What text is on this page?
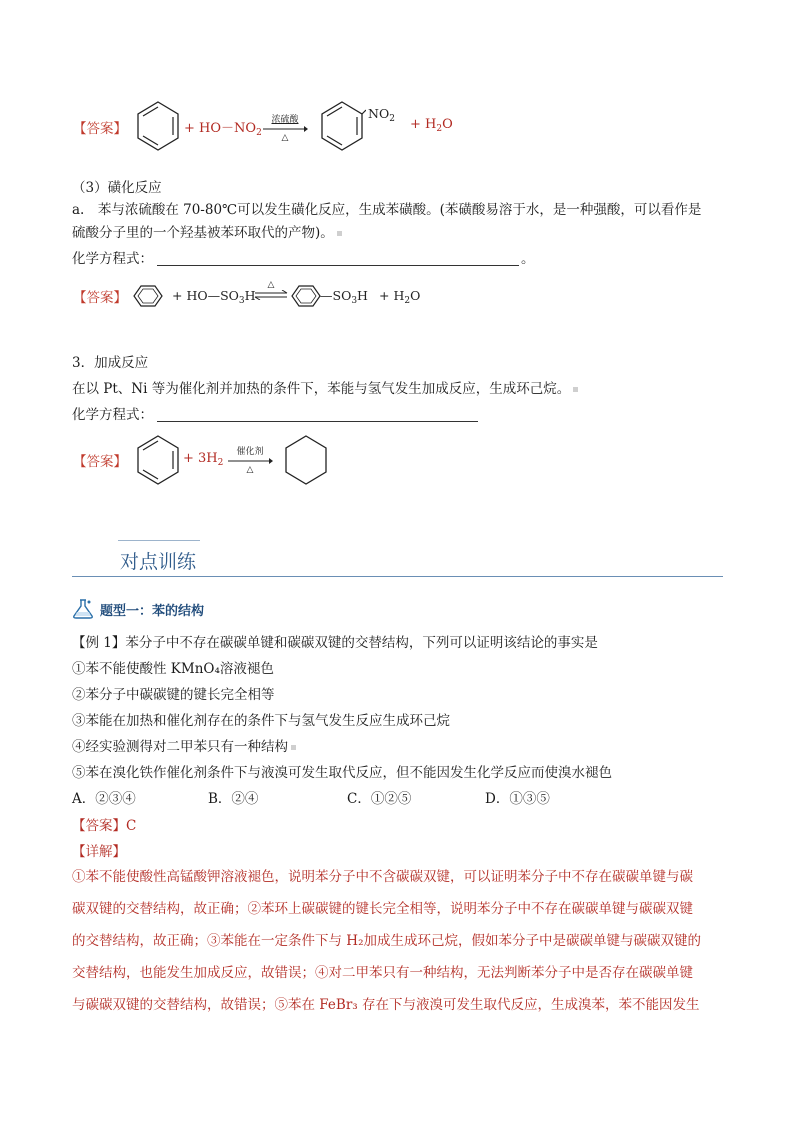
【答案】	+ $HO-NO_2$
浓硫酸
△
$NO_2 + H_2O$
（3）磺化反应
a.　苯与浓硫酸在 70-80℃可以发生磺化反应，生成苯磺酸。(苯磺酸易溶于水，是一种强酸，可以看作是
硫酸分子里的一个羟基被苯环取代的产物)。
化学方程式：	。
【答案】	+ $HO—SO_3H$
△
$—SO_3H + H_2O$
3．加成反应
在以 Pt、Ni 等为催化剂并加热的条件下，苯能与氢气发生加成反应，生成环己烷。
化学方程式：
【答案】	+ $3H_2$
催化剂
△
对点训练
题型一：苯的结构
【例 1】苯分子中不存在碳碳单键和碳碳双键的交替结构，下列可以证明该结论的事实是
①苯不能使酸性 KMnO₄溶液褪色
②苯分子中碳碳键的键长完全相等
③苯能在加热和催化剂存在的条件下与氢气发生反应生成环己烷
④经实验测得对二甲苯只有一种结构
⑤苯在溴化铁作催化剂条件下与液溴可发生取代反应，但不能因发生化学反应而使溴水褪色
A．②③④	B．②④	C．①②⑤	D．①③⑤
【答案】C
【详解】
①苯不能使酸性高锰酸钾溶液褪色，说明苯分子中不含碳碳双键，可以证明苯分子中不存在碳碳单键与碳
碳双键的交替结构，故正确；②苯环上碳碳键的键长完全相等，说明苯分子中不存在碳碳单键与碳碳双键
的交替结构，故正确；③苯能在一定条件下与 H₂加成生成环己烷，假如苯分子中是碳碳单键与碳碳双键的
交替结构，也能发生加成反应，故错误；④对二甲苯只有一种结构，无法判断苯分子中是否存在碳碳单键
与碳碳双键的交替结构，故错误；⑤苯在 FeBr₃ 存在下与液溴可发生取代反应，生成溴苯，苯不能因发生
